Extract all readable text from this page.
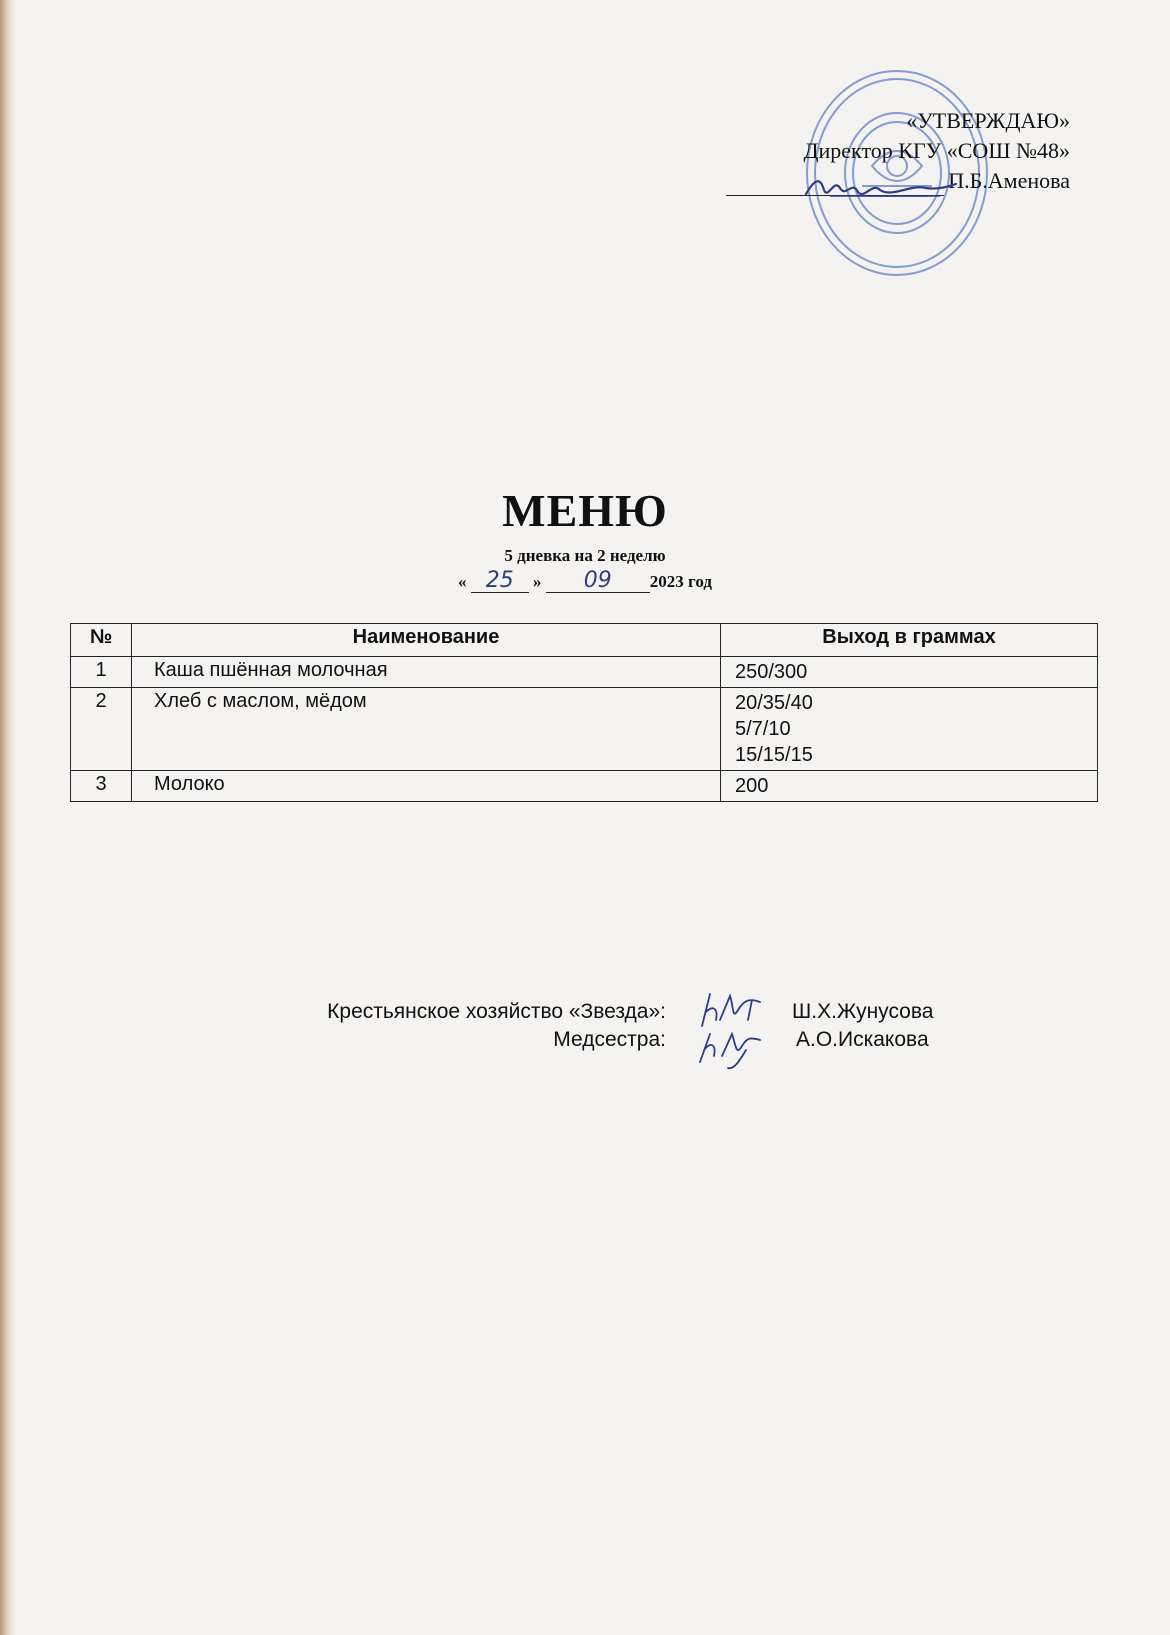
«УТВЕРЖДАЮ»
Директор КГУ «СОШ №48»
П.Б.Аменова
МЕНЮ
5 дневка на 2 неделю
« 25 » 09 2023 год
№	Наименование	Выход в граммах
1	Каша пшённая молочная	250/300

2	Хлеб с маслом, мёдом	20/35/40
5/7/10
15/15/15

3	Молоко	200
Крестьянское хозяйство «Звезда»:	Ш.Х.Жунусова
Медсестра:	А.О.Искакова
